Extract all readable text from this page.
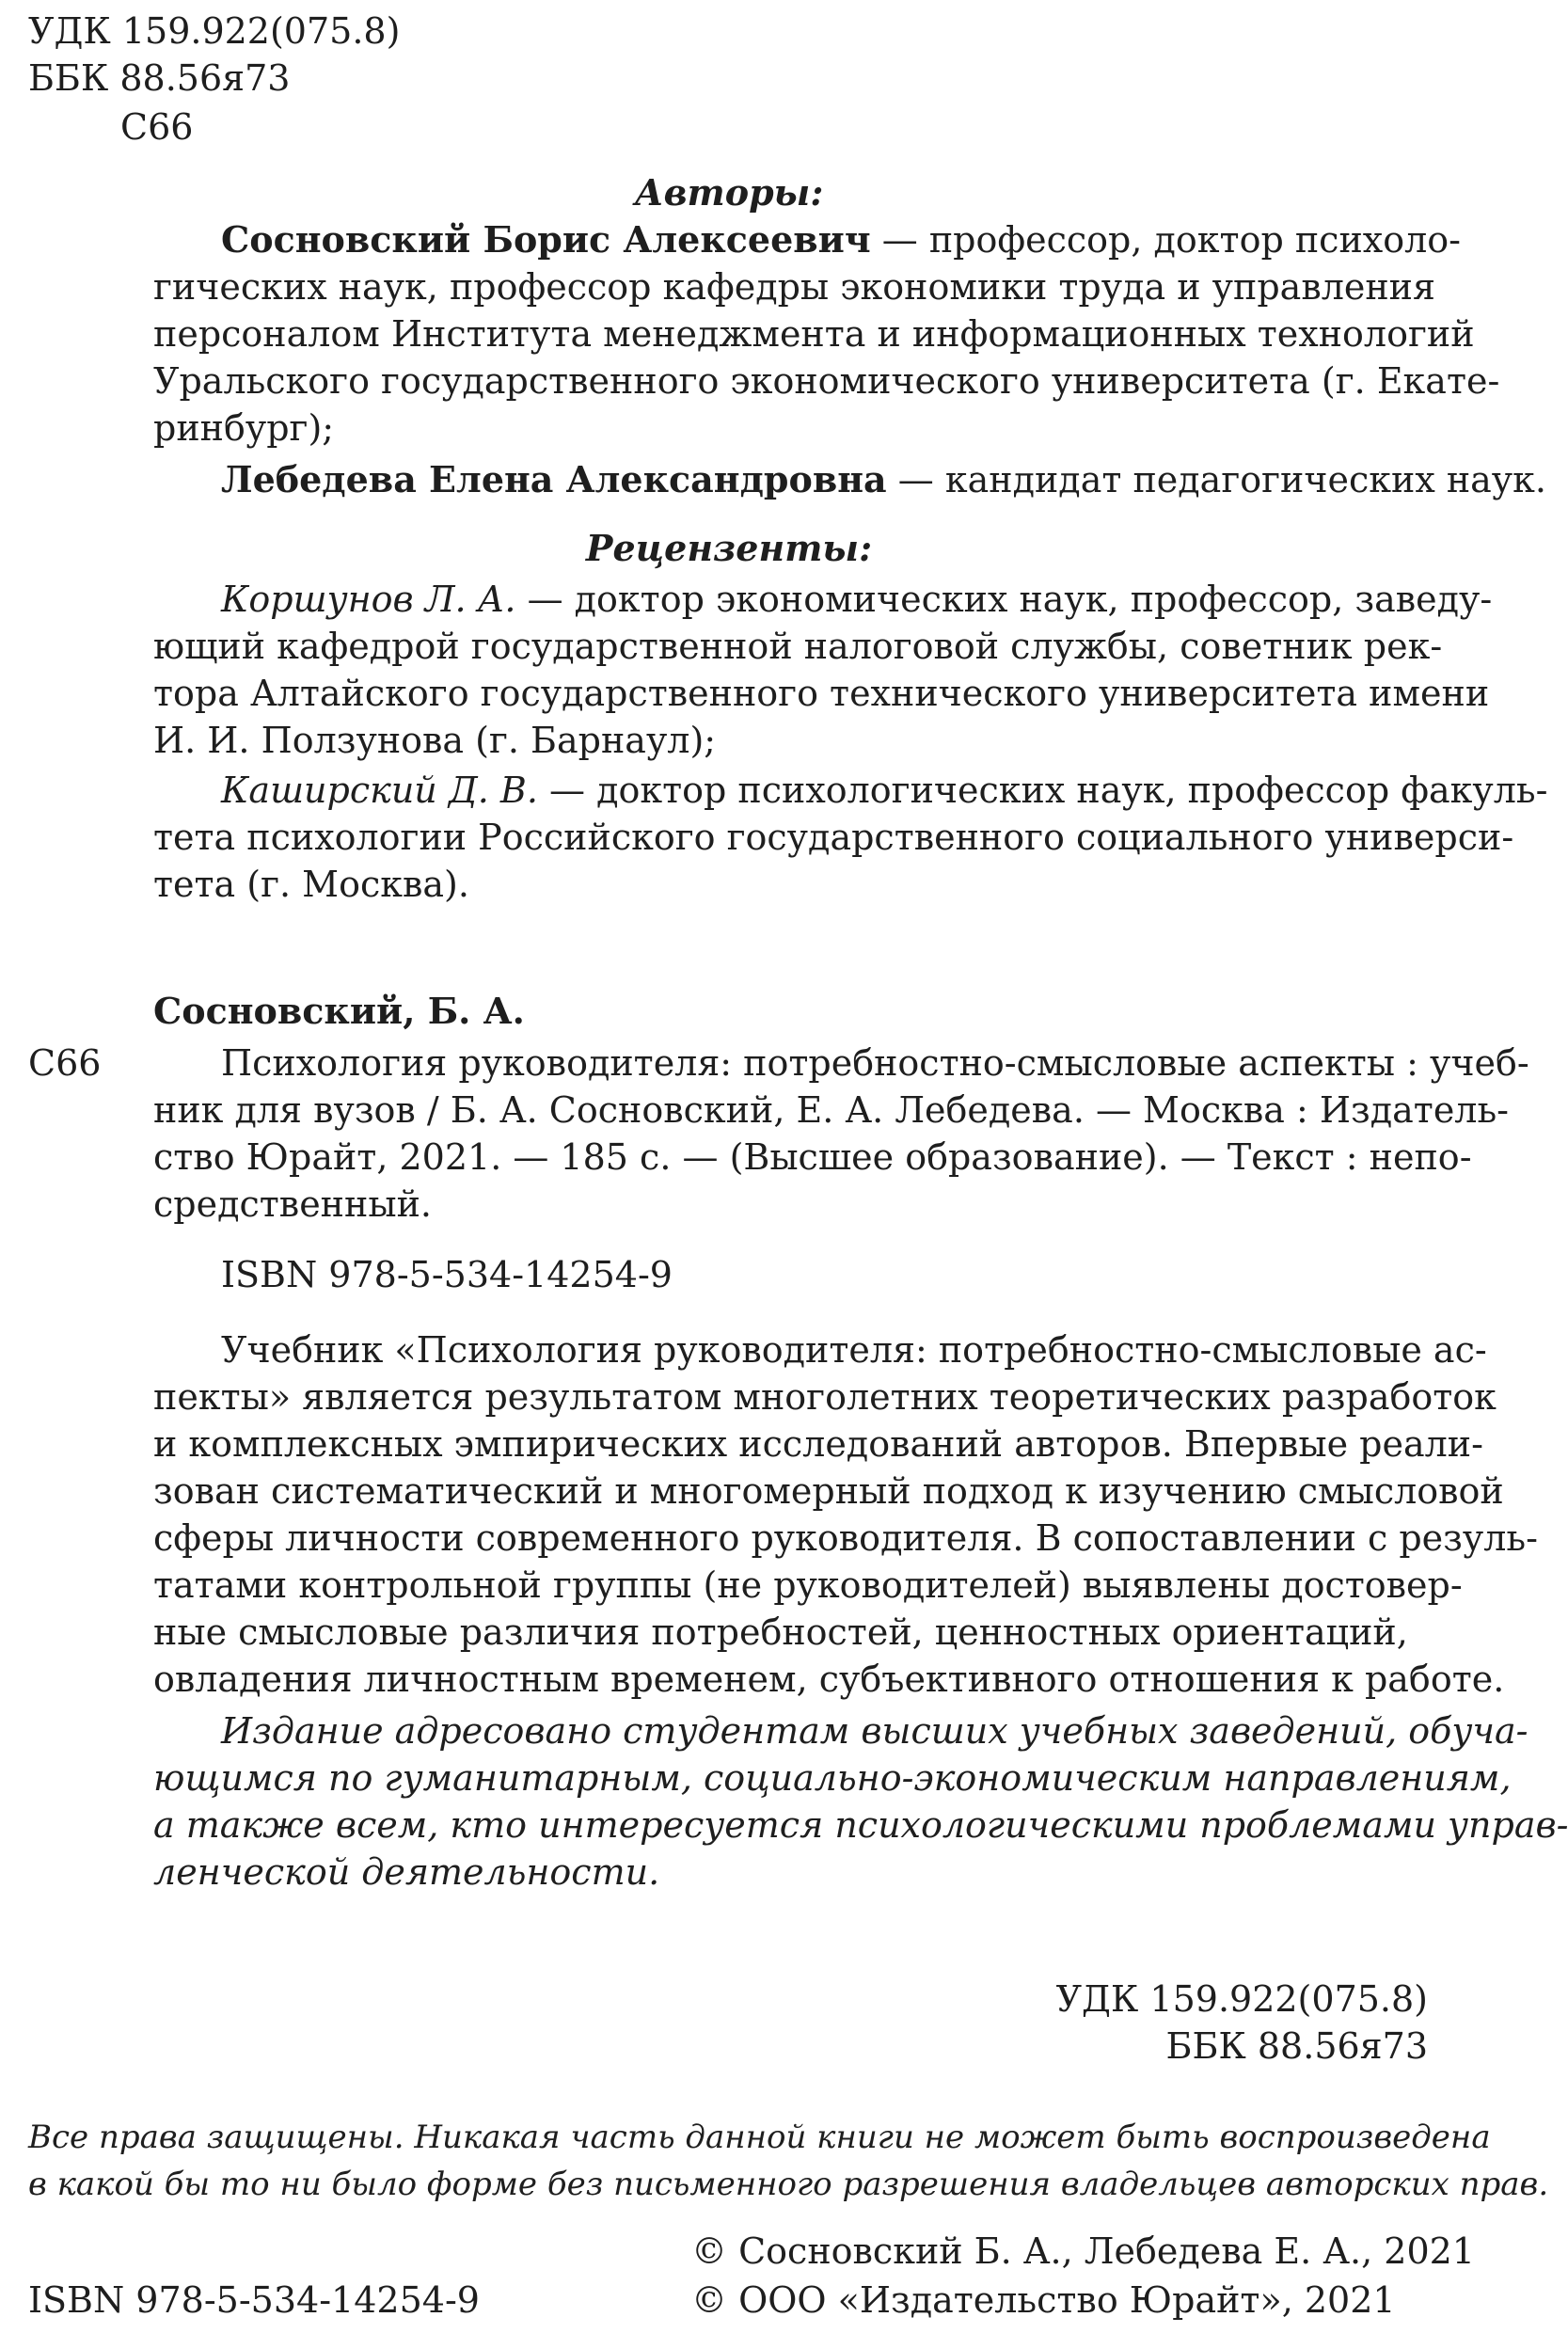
УДК 159.922(075.8)
ББК 88.56я73
С66
Авторы:
Сосновский Борис Алексеевич — профессор, доктор психоло-
гических наук, профессор кафедры экономики труда и управления
персоналом Института менеджмента и информационных технологий
Уральского государственного экономического университета (г. Екате-
ринбург);
Лебедева Елена Александровна — кандидат педагогических наук.
Рецензенты:
Коршунов Л. А. — доктор экономических наук, профессор, заведу-
ющий кафедрой государственной налоговой службы, советник рек-
тора Алтайского государственного технического университета имени
И. И. Ползунова (г. Барнаул);
Каширский Д. В. — доктор психологических наук, профессор факуль-
тета психологии Российского государственного социального универси-
тета (г. Москва).
Сосновский, Б. А.
С66	Психология руководителя: потребностно-смысловые аспекты : учеб-
ник для вузов / Б. А. Сосновский, Е. А. Лебедева. — Москва : Издатель-
ство Юрайт, 2021. — 185 с. — (Высшее образование). — Текст : непо-
средственный.
ISBN 978-5-534-14254-9
Учебник «Психология руководителя: потребностно-смысловые ас-
пекты» является результатом многолетних теоретических разработок
и комплексных эмпирических исследований авторов. Впервые реали-
зован систематический и многомерный подход к изучению смысловой
сферы личности современного руководителя. В сопоставлении с резуль-
татами контрольной группы (не руководителей) выявлены достовер-
ные смысловые различия потребностей, ценностных ориентаций,
овладения личностным временем, субъективного отношения к работе.
Издание адресовано студентам высших учебных заведений, обуча-
ющимся по гуманитарным, социально-экономическим направлениям,
а также всем, кто интересуется психологическими проблемами управ-
ленческой деятельности.
УДК 159.922(075.8)
ББК 88.56я73
Все права защищены. Никакая часть данной книги не может быть воспроизведена
в какой бы то ни было форме без письменного разрешения владельцев авторских прав.
© Сосновский Б. А., Лебедева Е. А., 2021
ISBN 978-5-534-14254-9	© ООО «Издательство Юрайт», 2021
